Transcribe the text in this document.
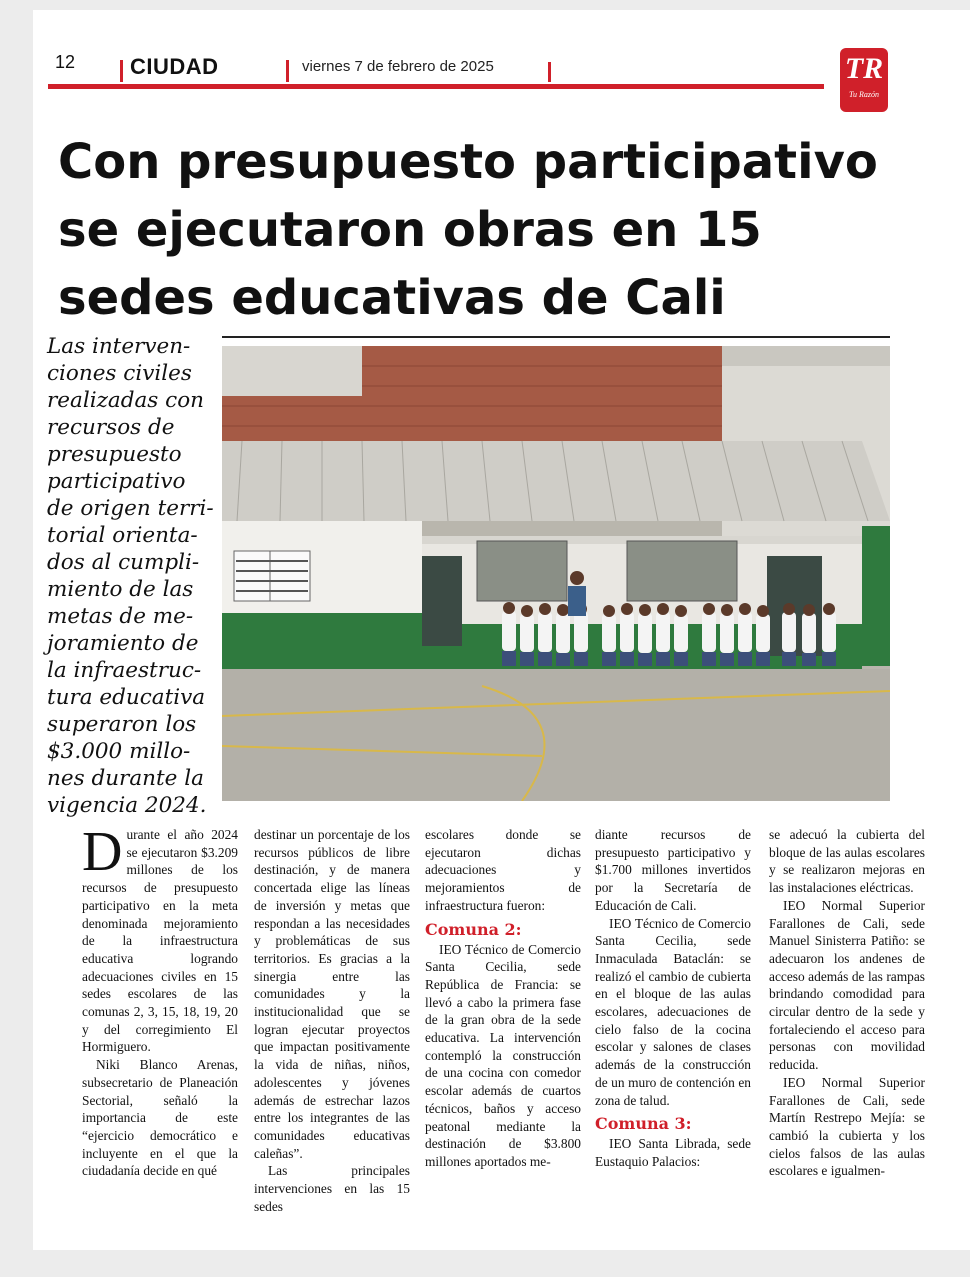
12 CIUDAD	viernes 7 de febrero de 2025	TR
Tu Razón
Con presupuesto participativo
se ejecutaron obras en 15
sedes educativas de Cali
Las interven-
ciones civiles
realizadas con
recursos de
presupuesto
participativo
de origen terri-
torial orienta-
dos al cumpli-
miento de las
metas de me-
joramiento de
la infraestruc-
tura educativa
superaron los
$3.000 millo-
nes durante la
vigencia 2024.

Durante el año 2024 se ejecutaron $3.209 millones de los recursos de presupuesto participativo en la meta denominada mejoramiento de la infraestructura educativa logrando adecuaciones civiles en 15 sedes escolares de las comunas 2, 3, 15, 18, 19, 20 y del corregimiento El Hormiguero.

Niki Blanco Arenas, subsecretario de Planeación Sectorial, señaló la importancia de este “ejercicio democrático e incluyente en el que la ciudadanía decide en qué

destinar un porcentaje de los recursos públicos de libre destinación, y de manera concertada elige las líneas de inversión y metas que respondan a las necesidades y problemáticas de sus territorios. Es gracias a la sinergia entre las comunidades y la institucionalidad que se logran ejecutar proyectos que impactan positivamente la vida de niñas, niños, adolescentes y jóvenes además de estrechar lazos entre los integrantes de las comunidades educativas caleñas”.

Las principales intervenciones en las 15 sedes

escolares donde se ejecutaron dichas adecuaciones y mejoramientos de infraestructura fueron:

Comuna 2:

IEO Técnico de Comercio Santa Cecilia, sede República de Francia: se llevó a cabo la primera fase de la gran obra de la sede educativa. La intervención contempló la construcción de una cocina con comedor escolar además de cuartos técnicos, baños y acceso peatonal mediante la destinación de $3.800 millones aportados me-

diante recursos de presupuesto participativo y $1.700 millones invertidos por la Secretaría de Educación de Cali.

IEO Técnico de Comercio Santa Cecilia, sede Inmaculada Bataclán: se realizó el cambio de cubierta en el bloque de las aulas escolares, adecuaciones de cielo falso de la cocina escolar y salones de clases además de la construcción de un muro de contención en zona de talud.

Comuna 3:

IEO Santa Librada, sede Eustaquio Palacios:

se adecuó la cubierta del bloque de las aulas escolares y se realizaron mejoras en las instalaciones eléctricas.

IEO Normal Superior Farallones de Cali, sede Manuel Sinisterra Patiño: se adecuaron los andenes de acceso además de las rampas brindando comodidad para circular dentro de la sede y fortaleciendo el acceso para personas con movilidad reducida.

IEO Normal Superior Farallones de Cali, sede Martín Restrepo Mejía: se cambió la cubierta y los cielos falsos de las aulas escolares e igualmen-
